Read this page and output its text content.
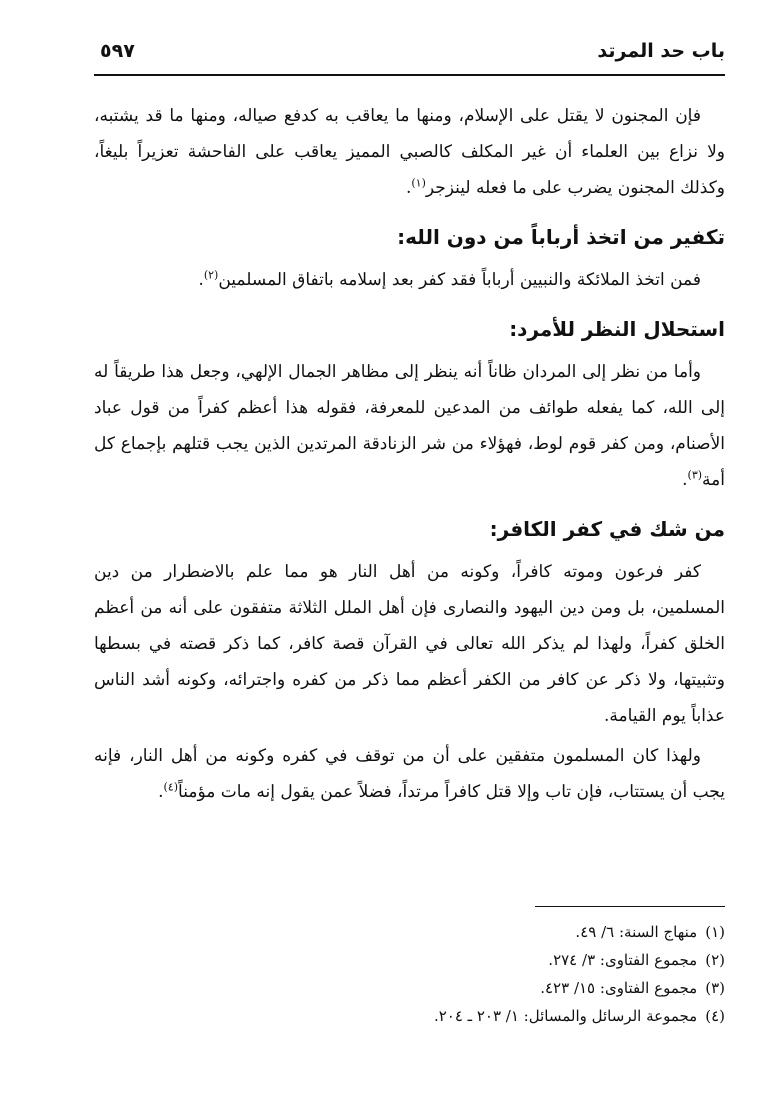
باب حد المرتد
٥٩٧

فإن المجنون لا يقتل على الإسلام، ومنها ما يعاقب به كدفع صياله، ومنها ما قد يشتبه، ولا نزاع بين العلماء أن غير المكلف كالصبي المميز يعاقب على الفاحشة تعزيراً بليغاً، وكذلك المجنون يضرب على ما فعله لينزجر$^{(١)}$.

تكفير من اتخذ أرباباً من دون الله:

فمن اتخذ الملائكة والنبيين أرباباً فقد كفر بعد إسلامه باتفاق المسلمين$^{(٢)}$.

استحلال النظر للأمرد:

وأما من نظر إلى المردان ظاناً أنه ينظر إلى مظاهر الجمال الإلهي، وجعل هذا طريقاً له إلى الله، كما يفعله طوائف من المدعين للمعرفة، فقوله هذا أعظم كفراً من قول عباد الأصنام، ومن كفر قوم لوط، فهؤلاء من شر الزنادقة المرتدين الذين يجب قتلهم بإجماع كل أمة$^{(٣)}$.

من شك في كفر الكافر:

كفر فرعون وموته كافراً، وكونه من أهل النار هو مما علم بالاضطرار من دين المسلمين، بل ومن دين اليهود والنصارى فإن أهل الملل الثلاثة متفقون على أنه من أعظم الخلق كفراً، ولهذا لم يذكر الله تعالى في القرآن قصة كافر، كما ذكر قصته في بسطها وتثبيتها، ولا ذكر عن كافر من الكفر أعظم مما ذكر من كفره واجترائه، وكونه أشد الناس عذاباً يوم القيامة.

ولهذا كان المسلمون متفقين على أن من توقف في كفره وكونه من أهل النار، فإنه يجب أن يستتاب، فإن تاب وإلا قتل كافراً مرتداً، فضلاً عمن يقول إنه مات مؤمناً$^{(٤)}$.

(١)منهاج السنة: ٦/ ٤٩.
(٢)مجموع الفتاوى: ٣/ ٢٧٤.
(٣)مجموع الفتاوى: ١٥/ ٤٢٣.
(٤)مجموعة الرسائل والمسائل: ١/ ٢٠٣ ـ ٢٠٤.
